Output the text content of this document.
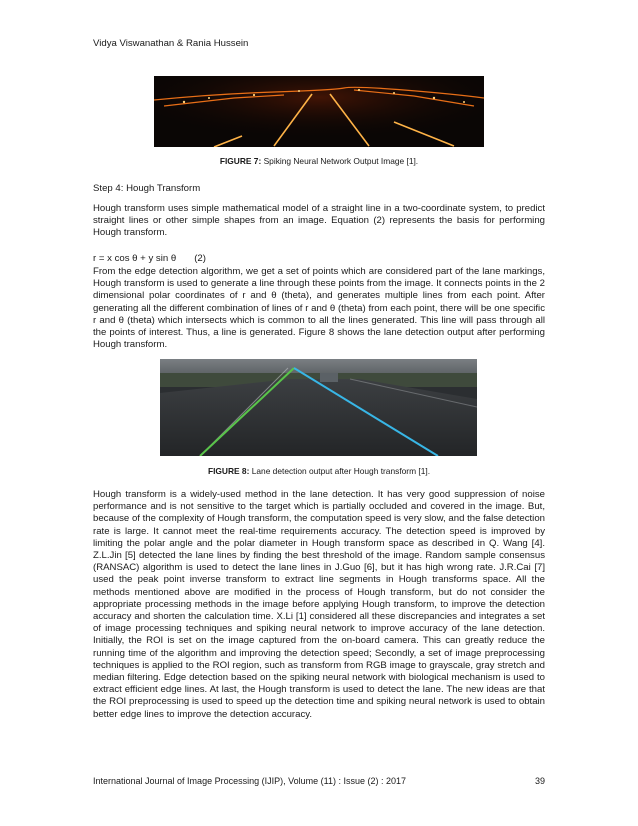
Vidya Viswanathan & Rania Hussein
FIGURE 7: Spiking Neural Network Output Image [1].
Step 4: Hough Transform

Hough transform uses simple mathematical model of a straight line in a two-coordinate system, to predict straight lines or other simple shapes from an image. Equation (2) represents the basis for performing Hough transform.

r = x cos θ + y sin θ (2)

From the edge detection algorithm, we get a set of points which are considered part of the lane markings, Hough transform is used to generate a line through these points from the image. It connects points in the 2 dimensional polar coordinates of r and θ (theta), and generates multiple lines from each point. After generating all the different combination of lines of r and θ (theta) from each point, there will be one specific r and θ (theta) which intersects which is common to all the lines generated. This line will pass through all the points of interest. Thus, a line is generated. Figure 8 shows the lane detection output after performing Hough transform.

FIGURE 8: Lane detection output after Hough transform [1].

Hough transform is a widely-used method in the lane detection. It has very good suppression of noise performance and is not sensitive to the target which is partially occluded and covered in the image. But, because of the complexity of Hough transform, the computation speed is very slow, and the false detection rate is large. It cannot meet the real-time requirements accuracy. The detection speed is improved by limiting the polar angle and the polar diameter in Hough transform space as described in Q. Wang [4]. Z.L.Jin [5] detected the lane lines by finding the best threshold of the image. Random sample consensus (RANSAC) algorithm is used to detect the lane lines in J.Guo [6], but it has high wrong rate. J.R.Cai [7] used the peak point inverse transform to extract line segments in Hough transforms space. All the methods mentioned above are modified in the process of Hough transform, but do not consider the appropriate processing methods in the image before applying Hough transform, to improve the detection accuracy and shorten the calculation time. X.Li [1] considered all these discrepancies and integrates a set of image processing techniques and spiking neural network to improve accuracy of the lane detection. Initially, the ROI is set on the image captured from the on-board camera. This can greatly reduce the running time of the algorithm and improving the detection speed; Secondly, a set of image preprocessing techniques is applied to the ROI region, such as transform from RGB image to grayscale, gray stretch and median filtering. Edge detection based on the spiking neural network with biological mechanism is used to extract efficient edge lines. At last, the Hough transform is used to detect the lane. The new ideas are that the ROI preprocessing is used to speed up the detection time and spiking neural network is used to obtain better edge lines to improve the detection accuracy.

International Journal of Image Processing (IJIP), Volume (11) : Issue (2) : 2017	39
